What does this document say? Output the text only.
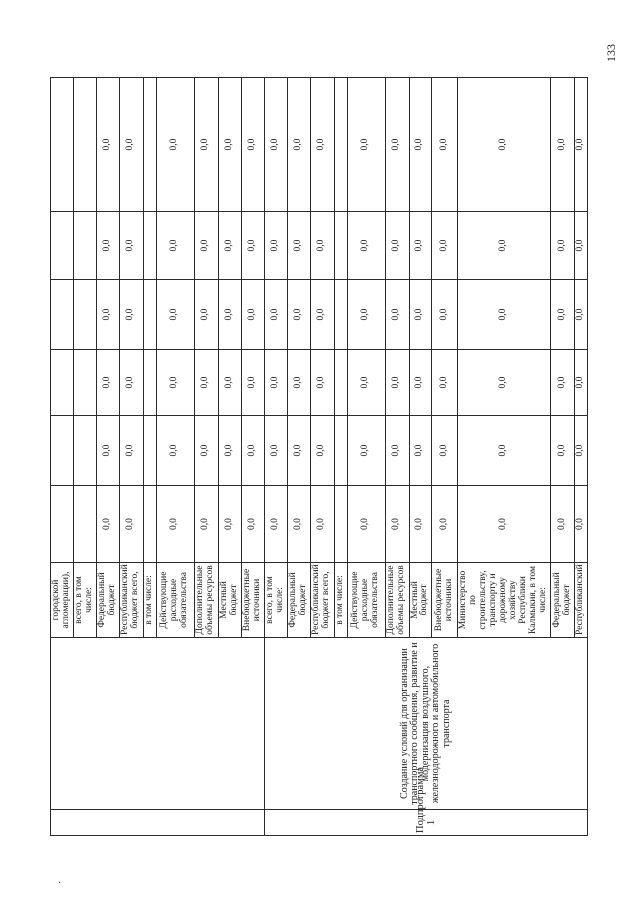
133
·
		городской агломерации),						
		всего, в том числе:						
		Федеральный бюджет	0,0	0,0	0,0	0,0	0,0	0,0
		Республиканский бюджет всего,	0,0	0,0	0,0	0,0	0,0	0,0
		в том числе:						
		Действующие расходные обязательства	0,0	0,0	0,0	0,0	0,0	0,0
		Дополнительные объемы ресурсов	0,0	0,0	0,0	0,0	0,0	0,0
		Местный бюджет	0,0	0,0	0,0	0,0	0,0	0,0
		Внебюджетные источники	0,0	0,0	0,0	0,0	0,0	0,0
Подпрограмма 1	Создание условий для организации транспортного сообщения, развитие и модернизация воздушного, железнодорожного и автомобильного транспорта	всего, в том числе:	0,0	0,0	0,0	0,0	0,0	0,0
		Федеральный бюджет	0,0	0,0	0,0	0,0	0,0	0,0
		Республиканский бюджет всего,	0,0	0,0	0,0	0,0	0,0	0,0
		в том числе:						
		Действующие расходные обязательства	0,0	0,0	0,0	0,0	0,0	0,0
		Дополнительные объемы ресурсов	0,0	0,0	0,0	0,0	0,0	0,0
		Местный бюджет	0,0	0,0	0,0	0,0	0,0	0,0
		Внебюджетные источники	0,0	0,0	0,0	0,0	0,0	0,0
		Министерство по строительству, транспорту и дорожному хозяйству Республики Калмыкия, в том числе:	0,0	0,0	0,0	0,0	0,0	0,0
		Федеральный бюджет	0,0	0,0	0,0	0,0	0,0	0,0
		Республиканский	0,0	0,0	0,0	0,0	0,0	0,0
